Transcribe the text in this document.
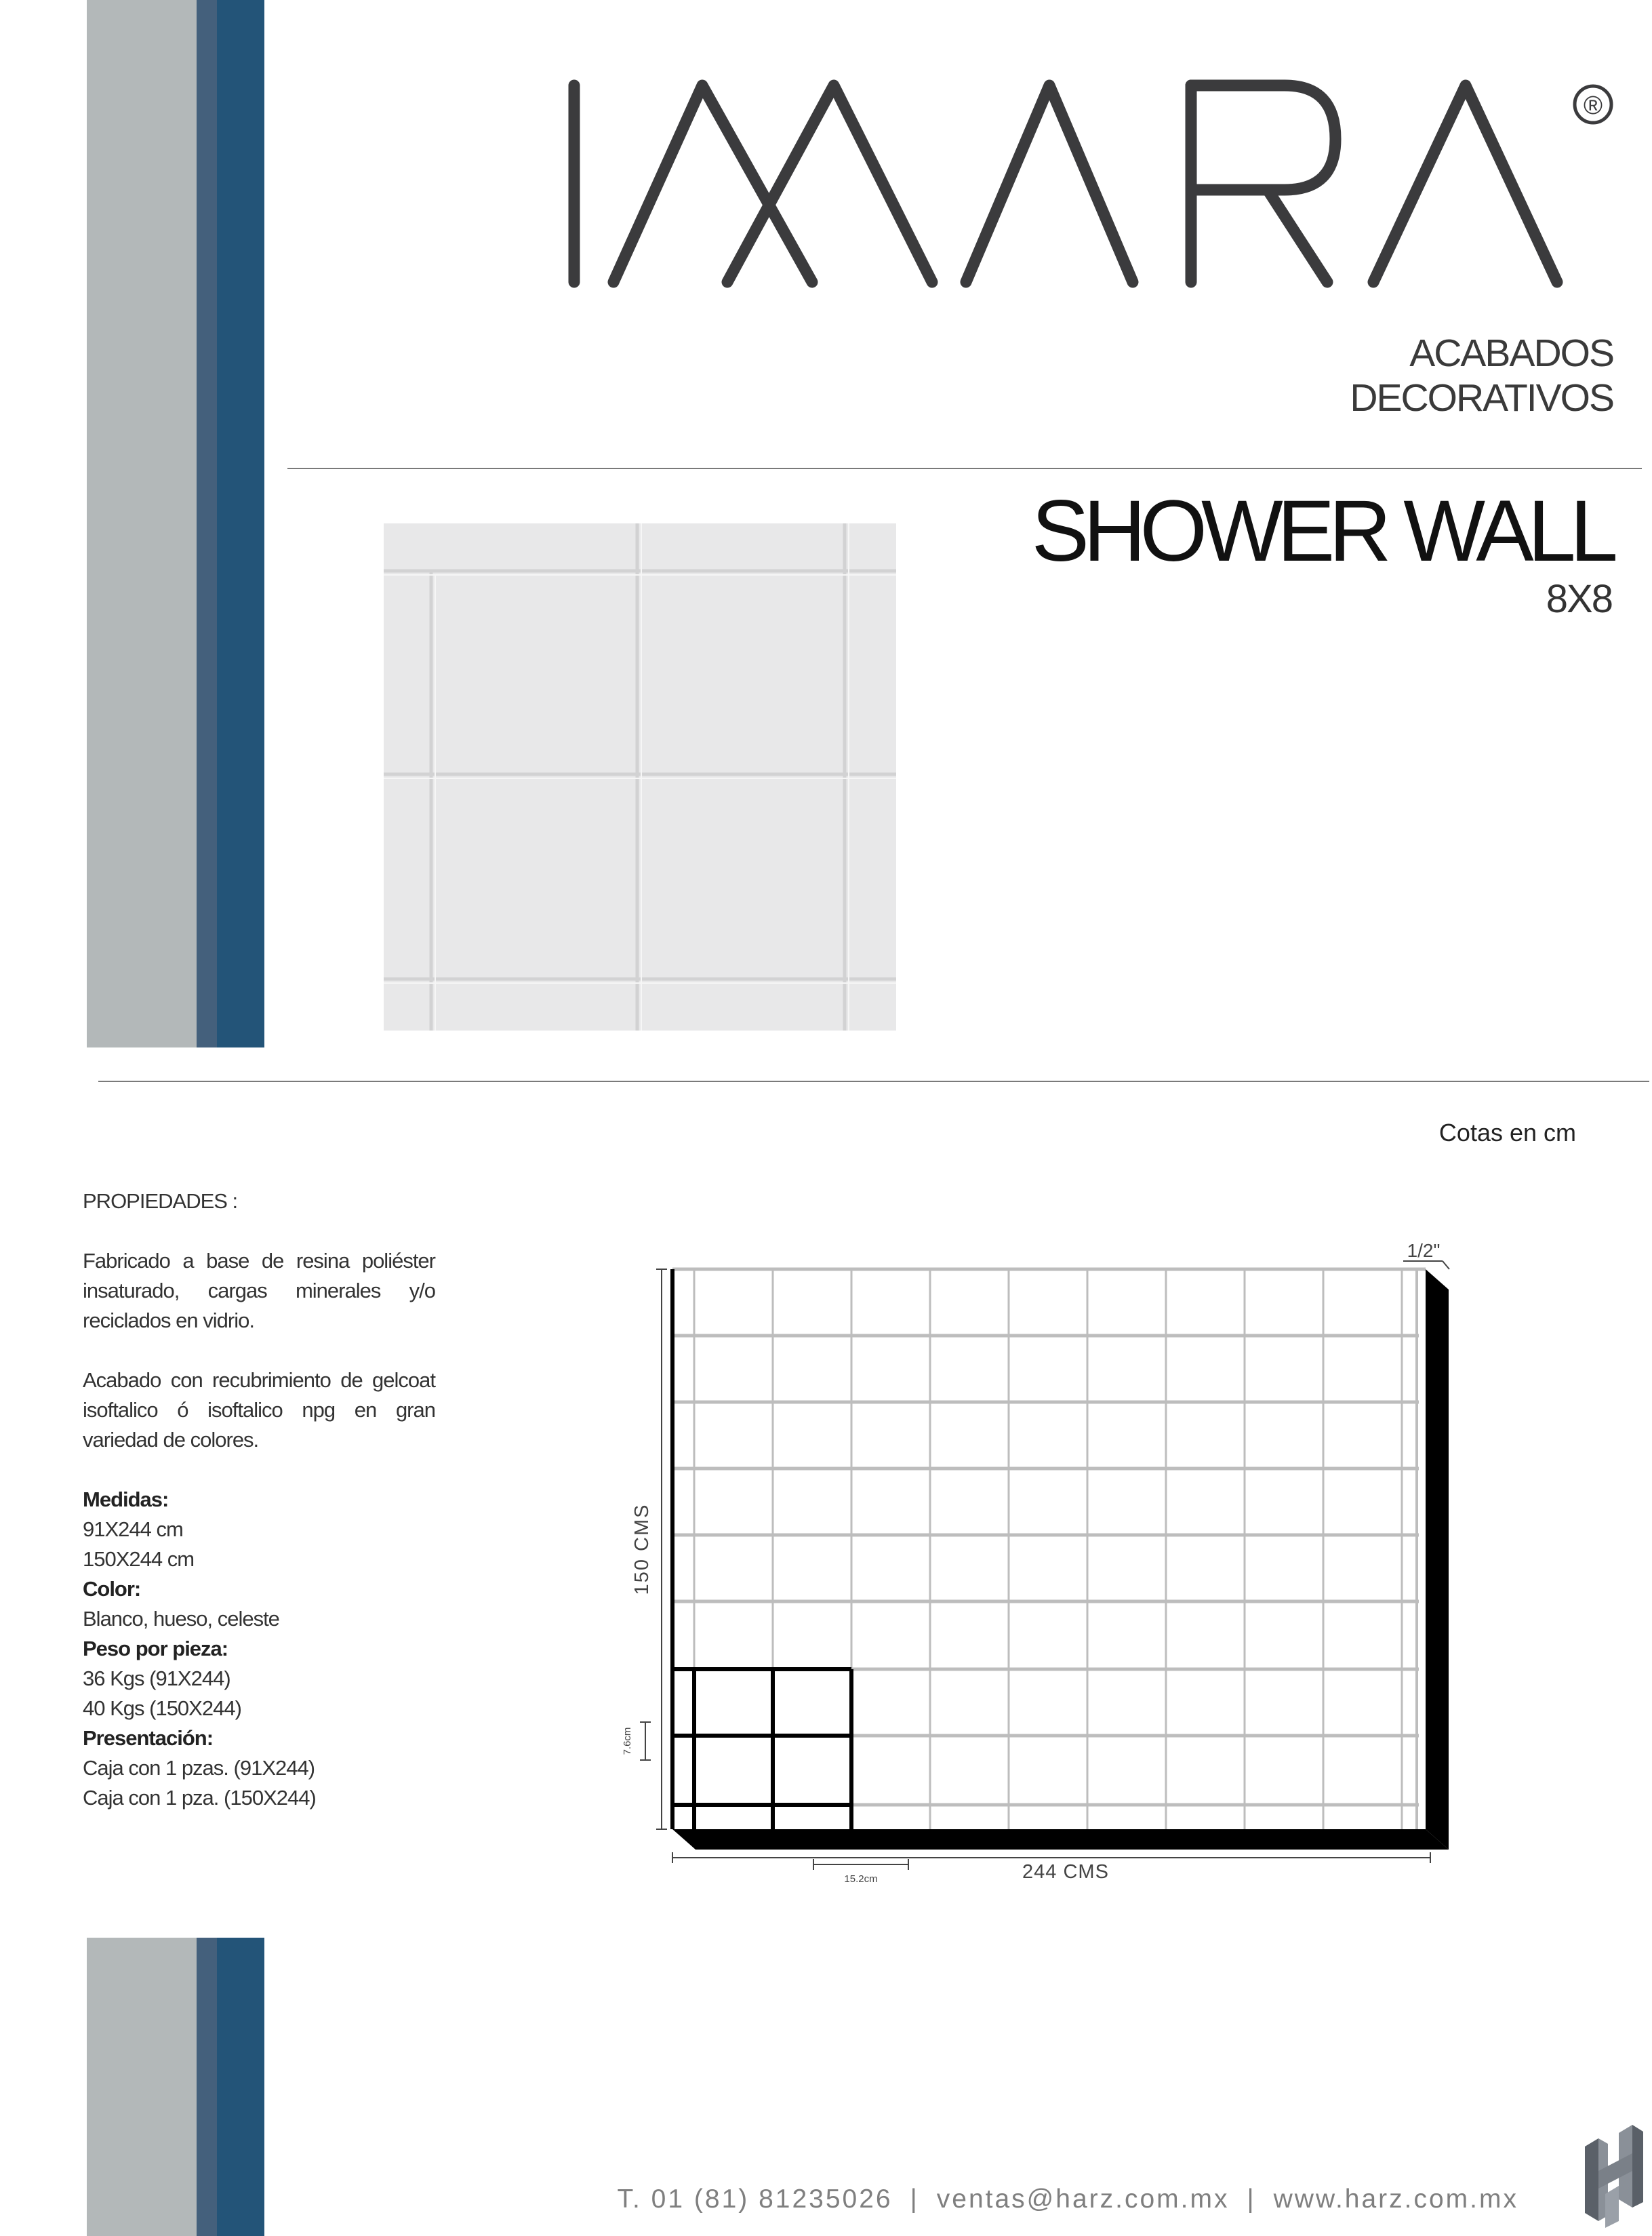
®
ACABADOS DECORATIVOS
SHOWER WALL
8X8
Cotas en cm

PROPIEDADES :

Fabricado a base de resina poliéster insaturado, cargas minerales y/o reciclados en vidrio.

Acabado con recubrimiento de gelcoat isoftalico ó isoftalico npg en gran variedad de colores.

Medidas:

91X244 cm

150X244 cm

Color:

Blanco, hueso, celeste

Peso por pieza:

36 Kgs (91X244)

40 Kgs (150X244)

Presentación:

Caja con 1 pzas. (91X244)

Caja con 1 pza. (150X244)

150 CMS
244 CMS
1/2"
7.6cm
15.2cm
T. 01 (81) 81235026 | ventas@harz.com.mx | www.harz.com.mx
